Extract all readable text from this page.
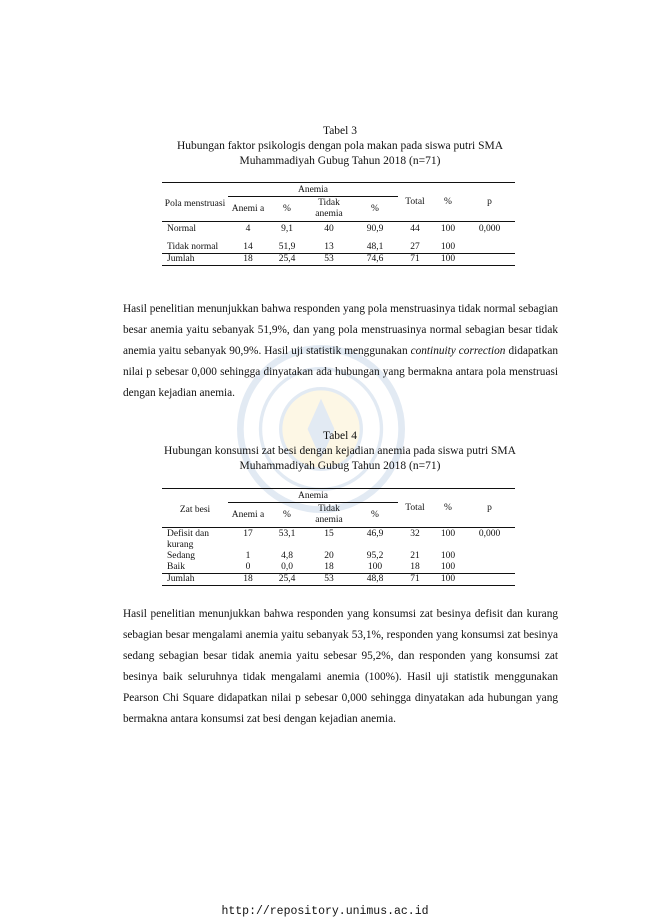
Tabel 3
Hubungan faktor psikologis dengan pola makan pada siswa putri SMA
Muhammadiyah Gubug Tahun 2018 (n=71)
Pola menstruasi	Anemia				Total	%	p
	Anemi a	%	Tidak anemia	%			
Normal	4	9,1	40	90,9	44	100	0,000
Tidak normal	14	51,9	13	48,1	27	100	
Jumlah	18	25,4	53	74,6	71	100	
Hasil penelitian menunjukkan bahwa responden yang pola menstruasinya tidak normal sebagian besar anemia yaitu sebanyak 51,9%, dan yang pola menstruasinya normal sebagian besar tidak anemia yaitu sebanyak 90,9%. Hasil uji statistik menggunakan continuity correction didapatkan nilai p sebesar 0,000 sehingga dinyatakan ada hubungan yang bermakna antara pola menstruasi dengan kejadian anemia.
Tabel 4
Hubungan konsumsi zat besi dengan kejadian anemia pada siswa putri SMA
Muhammadiyah Gubug Tahun 2018 (n=71)
Zat besi	Anemia				Total	%	p
	Anemi a	%	Tidak anemia	%			
Defisit dan kurang	17	53,1	15	46,9	32	100	0,000
Sedang	1	4,8	20	95,2	21	100	
Baik	0	0,0	18	100	18	100	
Jumlah	18	25,4	53	48,8	71	100	
Hasil penelitian menunjukkan bahwa responden yang konsumsi zat besinya defisit dan kurang sebagian besar mengalami anemia yaitu sebanyak 53,1%, responden yang konsumsi zat besinya sedang sebagian besar tidak anemia yaitu sebesar 95,2%, dan responden yang konsumsi zat besinya baik seluruhnya tidak mengalami anemia (100%). Hasil uji statistik menggunakan Pearson Chi Square didapatkan nilai p sebesar 0,000 sehingga dinyatakan ada hubungan yang bermakna antara konsumsi zat besi dengan kejadian anemia.
http://repository.unimus.ac.id
